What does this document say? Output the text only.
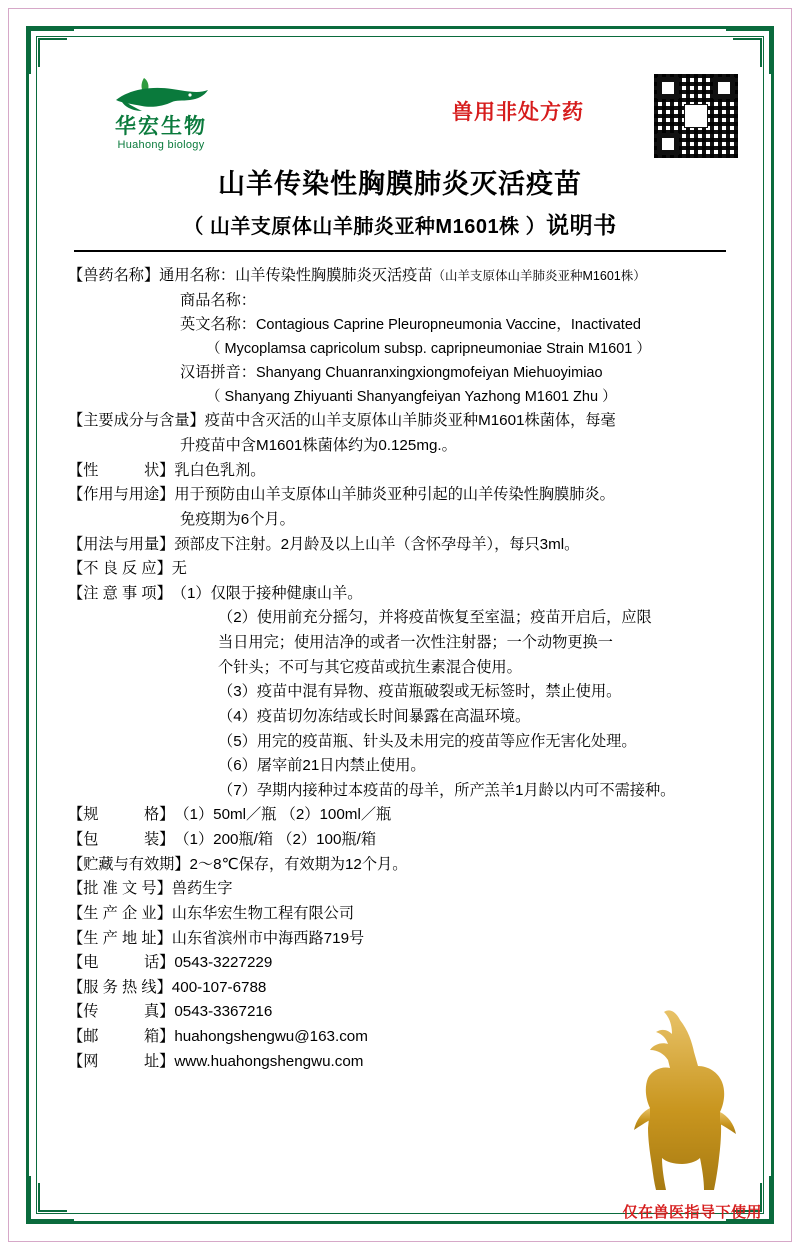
华宏生物
Huahong biology
兽用非处方药
山羊传染性胸膜肺炎灭活疫苗
（ 山羊支原体山羊肺炎亚种M1601株 ）说明书
【兽药名称】 通用名称：山羊传染性胸膜肺炎灭活疫苗（山羊支原体山羊肺炎亚种M1601株）
商品名称：
英文名称：Contagious Caprine Pleuropneumonia Vaccine，Inactivated
（ Mycoplamsa capricolum subsp. capripneumoniae Strain M1601 ）
汉语拼音：Shanyang Chuanranxingxiongmofeiyan Miehuoyimiao
（ Shanyang Zhiyuanti Shanyangfeiyan Yazhong M1601 Zhu ）
【主要成分与含量】 疫苗中含灭活的山羊支原体山羊肺炎亚种M1601株菌体，每毫
升疫苗中含M1601株菌体约为0.125mg.。
【性　　　状】 乳白色乳剂。
【作用与用途】 用于预防由山羊支原体山羊肺炎亚种引起的山羊传染性胸膜肺炎。
免疫期为6个月。
【用法与用量】 颈部皮下注射。2月龄及以上山羊（含怀孕母羊），每只3ml。
【不 良 反 应】 无
【注 意 事 项】 （1）仅限于接种健康山羊。
（2）使用前充分摇匀，并将疫苗恢复至室温；疫苗开启后，应限
当日用完；使用洁净的或者一次性注射器；一个动物更换一
个针头；不可与其它疫苗或抗生素混合使用。
（3）疫苗中混有异物、疫苗瓶破裂或无标签时，禁止使用。
（4）疫苗切勿冻结或长时间暴露在高温环境。
（5）用完的疫苗瓶、针头及未用完的疫苗等应作无害化处理。
（6）屠宰前21日内禁止使用。
（7）孕期内接种过本疫苗的母羊，所产羔羊1月龄以内可不需接种。
【规　　　格】 （1）50ml／瓶 （2）100ml／瓶
【包　　　装】 （1）200瓶/箱 （2）100瓶/箱
【贮藏与有效期】 2～8℃保存，有效期为12个月。
【批 准 文 号】 兽药生字
【生 产 企 业】 山东华宏生物工程有限公司
【生 产 地 址】 山东省滨州市中海西路719号
【电　　　话】 0543-3227229
【服 务 热 线】 400-107-6788
【传　　　真】 0543-3367216
【邮　　　箱】 huahongshengwu@163.com
【网　　　址】 www.huahongshengwu.com
仅在兽医指导下使用
